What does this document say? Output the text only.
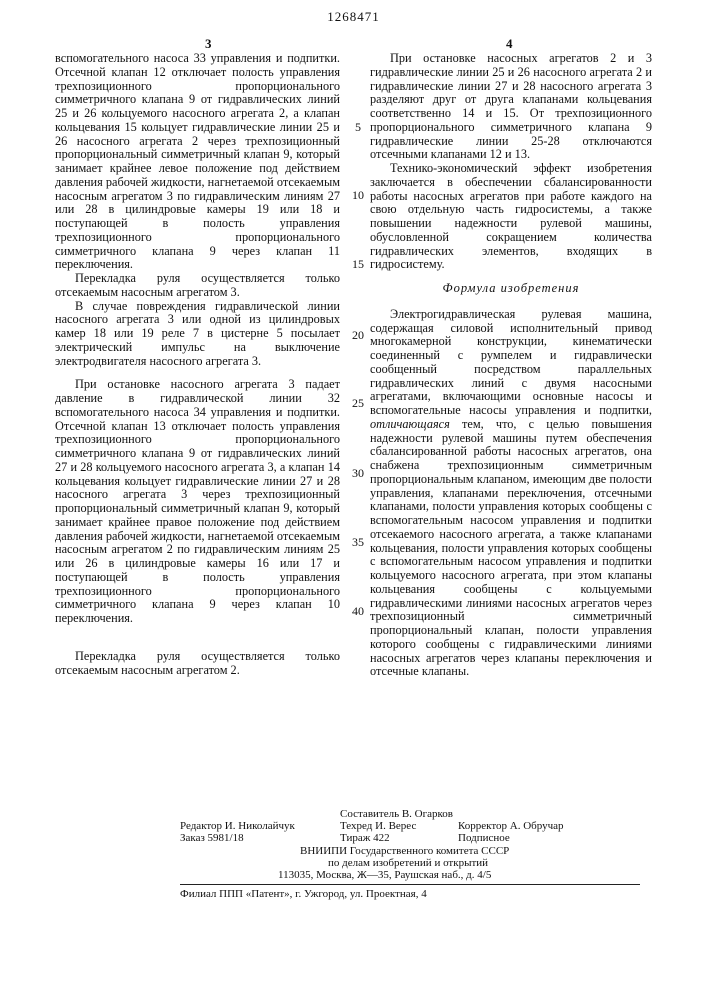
1268471
3	4

вспомогательного насоса 33 управления и подпитки. Отсечной клапан 12 отключает полость управления трехпозиционного пропорционального симметричного клапана 9 от гидравлических линий 25 и 26 кольцуемого насосного агрегата 2, а клапан кольцевания 15 кольцует гидравлические линии 25 и 26 насосного агрегата 2 через трехпозиционный пропорциональный симметричный клапан 9, который занимает крайнее левое положение под действием давления рабочей жидкости, нагнетаемой отсекаемым насосным агрегатом 3 по гидравлическим линиям 27 или 28 в цилиндровые камеры 19 или 18 и поступающей в полость управления трехпозиционного пропорционального симметричного клапана 9 через клапан 11 переключения.

Перекладка руля осуществляется только отсекаемым насосным агрегатом 3.

В случае повреждения гидравлической линии насосного агрегата 3 или одной из цилиндровых камер 18 или 19 реле 7 в цистерне 5 посылает электрический импульс на выключение электродвигателя насосного агрегата 3.

При остановке насосного агрегата 3 падает давление в гидравлической линии 32 вспомогательного насоса 34 управления и подпитки. Отсечной клапан 13 отключает полость управления трехпозиционного пропорционального симметричного клапана 9 от гидравлических линий 27 и 28 кольцуемого насосного агрегата 3, а клапан 14 кольцевания кольцует гидравлические линии 27 и 28 насосного агрегата 3 через трехпозиционный пропорциональный симметричный клапан 9, который занимает крайнее правое положение под действием давления рабочей жидкости, нагнетаемой отсекаемым насосным агрегатом 2 по гидравлическим линиям 25 или 26 в цилиндровые камеры 16 или 17 и поступающей в полость управления трехпозиционного пропорционального симметричного клапана 9 через клапан 10 переключения.

Перекладка руля осуществляется только отсекаемым насосным агрегатом 2.

5
10
15
20
25
30
35
40

При остановке насосных агрегатов 2 и 3 гидравлические линии 25 и 26 насосного агрегата 2 и гидравлические линии 27 и 28 насосного агрегата 3 разделяют друг от друга клапанами кольцевания соответственно 14 и 15. От трехпозиционного пропорционального симметричного клапана 9 гидравлические линии 25-28 отключаются отсечными клапанами 12 и 13.

Технико-экономический эффект изобретения заключается в обеспечении сбалансированности работы насосных агрегатов при работе каждого на свою отдельную часть гидросистемы, а также повышении надежности рулевой машины, обусловленной сокращением количества гидравлических элементов, входящих в гидросистему.

Формула изобретения

Электрогидравлическая рулевая машина, содержащая силовой исполнительный привод многокамерной конструкции, кинематически соединенный с румпелем и гидравлически сообщенный посредством параллельных гидравлических линий с двумя насосными агрегатами, включающими основные насосы и вспомогательные насосы управления и подпитки, отличающаяся тем, что, с целью повышения надежности рулевой машины путем обеспечения сбалансированной работы насосных агрегатов, она снабжена трехпозиционным симметричным пропорциональным клапаном, имеющим две полости управления, клапанами переключения, отсечными клапанами, полости управления которых сообщены с вспомогательным насосом управления и подпитки отсекаемого насосного агрегата, а также клапанами кольцевания, полости управления которых сообщены с вспомогательным насосом управления и подпитки кольцуемого насосного агрегата, при этом клапаны кольцевания сообщены с кольцуемыми гидравлическими линиями насосных агрегатов через трехпозиционный симметричный пропорциональный клапан, полости управления которого сообщены с гидравлическими линиями насосных агрегатов через клапаны переключения и отсечные клапаны.

Составитель В. Огарков
Редактор И. Николайчук	Техред И. Верес	Корректор А. Обручар
Заказ 5981/18	Тираж 422	Подписное
ВНИИПИ Государственного комитета СССР
по делам изобретений и открытий
113035, Москва, Ж—35, Раушская наб., д. 4/5
Филиал ППП «Патент», г. Ужгород, ул. Проектная, 4
